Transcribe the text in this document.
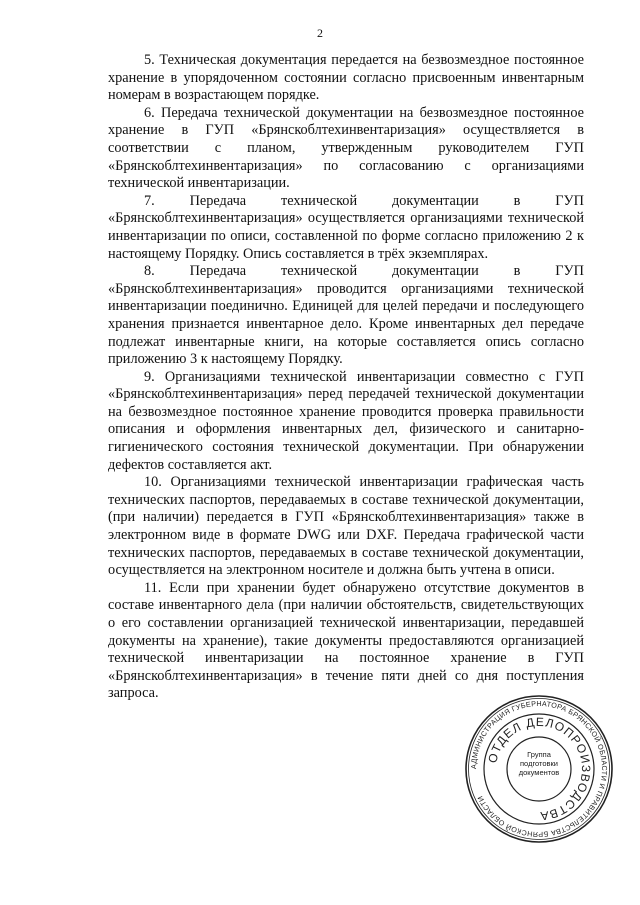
2

5. Техническая документация передается на безвозмездное постоянное хранение в упорядоченном состоянии согласно присвоенным инвентарным номерам в возрастающем порядке.

6. Передача технической документации на безвозмездное постоянное хранение в ГУП «Брянскоблтехинвентаризация» осуществляется в соответствии с планом, утвержденным руководителем ГУП «Брянскоблтехинвентаризация» по согласованию с организациями технической инвентаризации.

7. Передача технической документации в ГУП «Брянскоблтехинвентаризация» осуществляется организациями технической инвентаризации по описи, составленной по форме согласно приложению 2 к настоящему Порядку. Опись составляется в трёх экземплярах.

8. Передача технической документации в ГУП «Брянскоблтехинвентаризация» проводится организациями технической инвентаризации поединично. Единицей для целей передачи и последующего хранения признается инвентарное дело. Кроме инвентарных дел передаче подлежат инвентарные книги, на которые составляется опись согласно приложению 3 к настоящему Порядку.

9. Организациями технической инвентаризации совместно с ГУП «Брянскоблтехинвентаризация» перед передачей технической документации на безвозмездное постоянное хранение проводится проверка правильности описания и оформления инвентарных дел, физического и санитарно-гигиенического состояния технической документации. При обнаружении дефектов составляется акт.

10. Организациями технической инвентаризации графическая часть технических паспортов, передаваемых в составе технической документации, (при наличии) передается в ГУП «Брянскоблтехинвентаризация» также в электронном виде в формате DWG или DXF. Передача графической части технических паспортов, передаваемых в составе технической документации, осуществляется на электронном носителе и должна быть учтена в описи.

11. Если при хранении будет обнаружено отсутствие документов в составе инвентарного дела (при наличии обстоятельств, свидетельствующих о его составлении организацией технической инвентаризации, передавшей документы на хранение), такие документы предоставляются организацией технической инвентаризации на постоянное хранение в ГУП «Брянскоблтехинвентаризация» в течение пяти дней со дня поступления запроса.

АДМИНИСТРАЦИЯ ГУБЕРНАТОРА БРЯНСКОЙ ОБЛАСТИ И ПРАВИТЕЛЬСТВА БРЯНСКОЙ ОБЛАСТИ
ОТДЕЛ ДЕЛОПРОИЗВОДСТВА
Группа подготовки документов
